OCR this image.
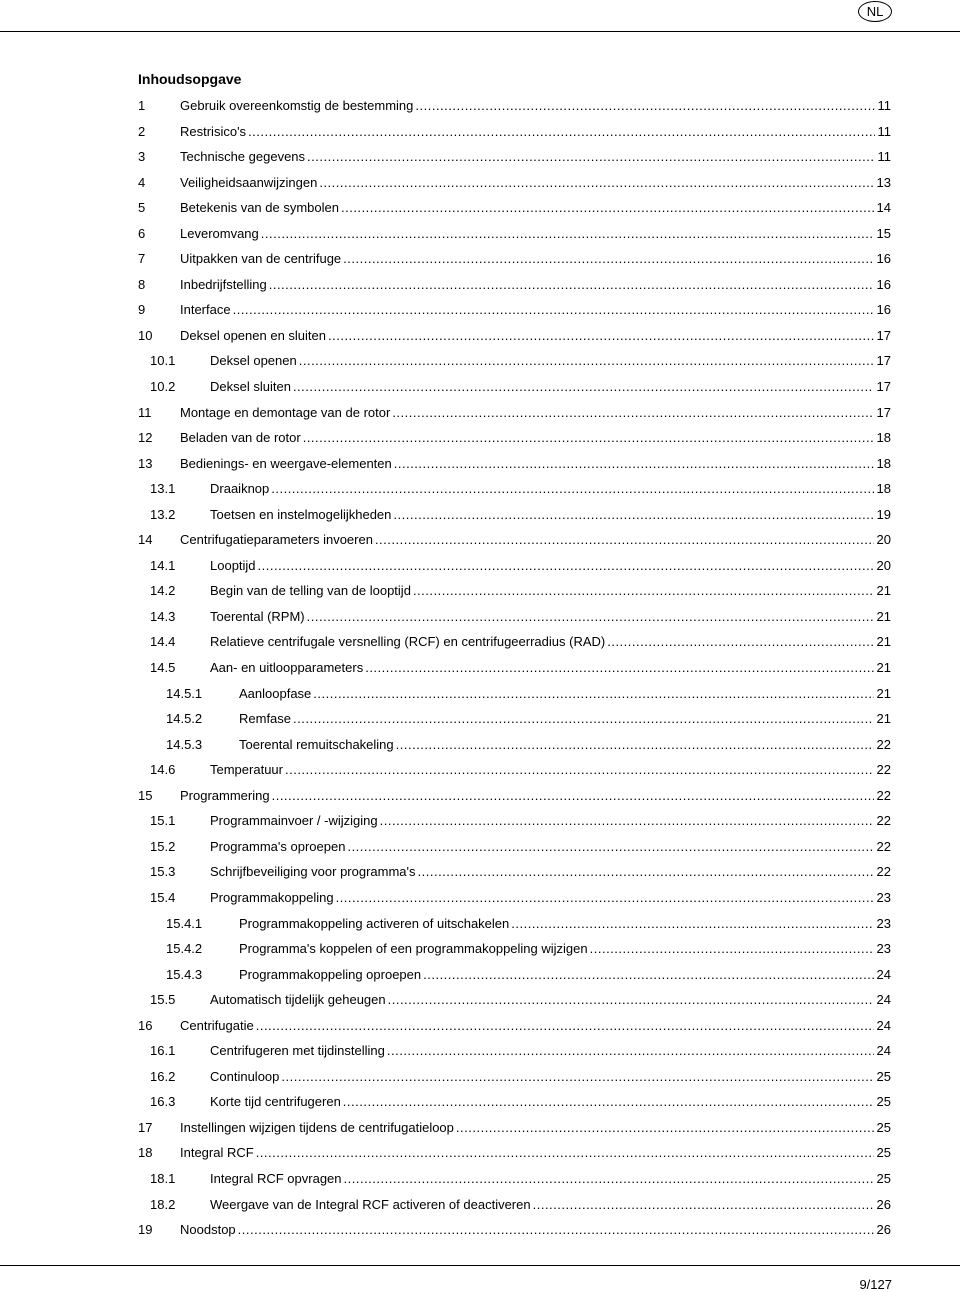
NL
Inhoudsopgave
1	Gebruik overeenkomstig de bestemming .....	11
2	Restrisico's .....	11
3	Technische gegevens .....	11
4	Veiligheidsaanwijzingen .....	13
5	Betekenis van de symbolen .....	14
6	Leveromvang .....	15
7	Uitpakken van de centrifuge .....	16
8	Inbedrijfstelling .....	16
9	Interface .....	16
10	Deksel openen en sluiten .....	17
10.1	Deksel openen .....	17
10.2	Deksel sluiten .....	17
11	Montage en demontage van de rotor .....	17
12	Beladen van de rotor .....	18
13	Bedienings- en weergave-elementen .....	18
13.1	Draaiknop .....	18
13.2	Toetsen en instelmogelijkheden .....	19
14	Centrifugatieparameters invoeren .....	20
14.1	Looptijd .....	20
14.2	Begin van de telling van de looptijd .....	21
14.3	Toerental (RPM) .....	21
14.4	Relatieve centrifugale versnelling (RCF) en centrifugeerradius (RAD) .....	21
14.5	Aan- en uitloopparameters .....	21
14.5.1	Aanloopfase .....	21
14.5.2	Remfase .....	21
14.5.3	Toerental remuitschakeling .....	22
14.6	Temperatuur .....	22
15	Programmering .....	22
15.1	Programmainvoer / -wijziging .....	22
15.2	Programma's oproepen .....	22
15.3	Schrijfbeveiliging voor programma's .....	22
15.4	Programmakoppeling .....	23
15.4.1	Programmakoppeling activeren of uitschakelen .....	23
15.4.2	Programma's koppelen of een programmakoppeling wijzigen .....	23
15.4.3	Programmakoppeling oproepen .....	24
15.5	Automatisch tijdelijk geheugen .....	24
16	Centrifugatie .....	24
16.1	Centrifugeren met tijdinstelling .....	24
16.2	Continuloop .....	25
16.3	Korte tijd centrifugeren .....	25
17	Instellingen wijzigen tijdens de centrifugatieloop .....	25
18	Integral RCF .....	25
18.1	Integral RCF opvragen .....	25
18.2	Weergave van de Integral RCF activeren of deactiveren .....	26
19	Noodstop .....	26
9/127
